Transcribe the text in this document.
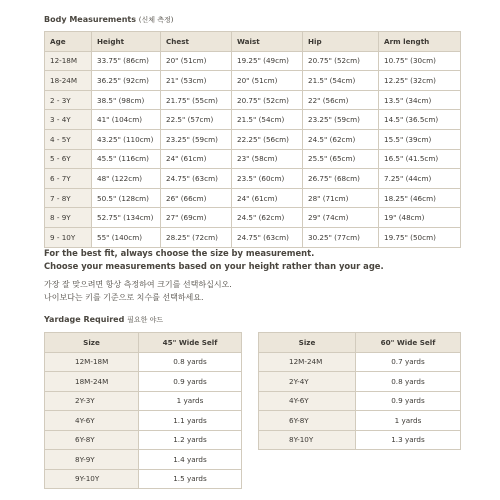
Body Measurements (신체 측정)
Age	Height	Chest	Waist	Hip	Arm length
12-18M	33.75" (86cm)	20" (51cm)	19.25" (49cm)	20.75" (52cm)	10.75" (30cm)
18-24M	36.25" (92cm)	21" (53cm)	20" (51cm)	21.5" (54cm)	12.25" (32cm)
2 - 3Y	38.5" (98cm)	21.75" (55cm)	20.75" (52cm)	22" (56cm)	13.5" (34cm)
3 - 4Y	41" (104cm)	22.5" (57cm)	21.5" (54cm)	23.25" (59cm)	14.5" (36.5cm)
4 - 5Y	43.25" (110cm)	23.25" (59cm)	22.25" (56cm)	24.5" (62cm)	15.5" (39cm)
5 - 6Y	45.5" (116cm)	24" (61cm)	23" (58cm)	25.5" (65cm)	16.5" (41.5cm)
6 - 7Y	48" (122cm)	24.75" (63cm)	23.5" (60cm)	26.75" (68cm)	7.25" (44cm)
7 - 8Y	50.5" (128cm)	26" (66cm)	24" (61cm)	28" (71cm)	18.25" (46cm)
8 - 9Y	52.75" (134cm)	27" (69cm)	24.5" (62cm)	29" (74cm)	19" (48cm)
9 - 10Y	55" (140cm)	28.25" (72cm)	24.75" (63cm)	30.25" (77cm)	19.75" (50cm)
For the best fit, always choose the size by measurement.
Choose your measurements based on your height rather than your age.
가장 잘 맞으려면 항상 측정하여 크기를 선택하십시오.
나이보다는 키를 기준으로 치수를 선택하세요.
Yardage Required 필요한 야드
Size	45" Wide Self
12M-18M	0.8 yards
18M-24M	0.9 yards
2Y-3Y	1 yards
4Y-6Y	1.1 yards
6Y-8Y	1.2 yards
8Y-9Y	1.4 yards
9Y-10Y	1.5 yards
Size	60" Wide Self
12M-24M	0.7 yards
2Y-4Y	0.8 yards
4Y-6Y	0.9 yards
6Y-8Y	1 yards
8Y-10Y	1.3 yards
